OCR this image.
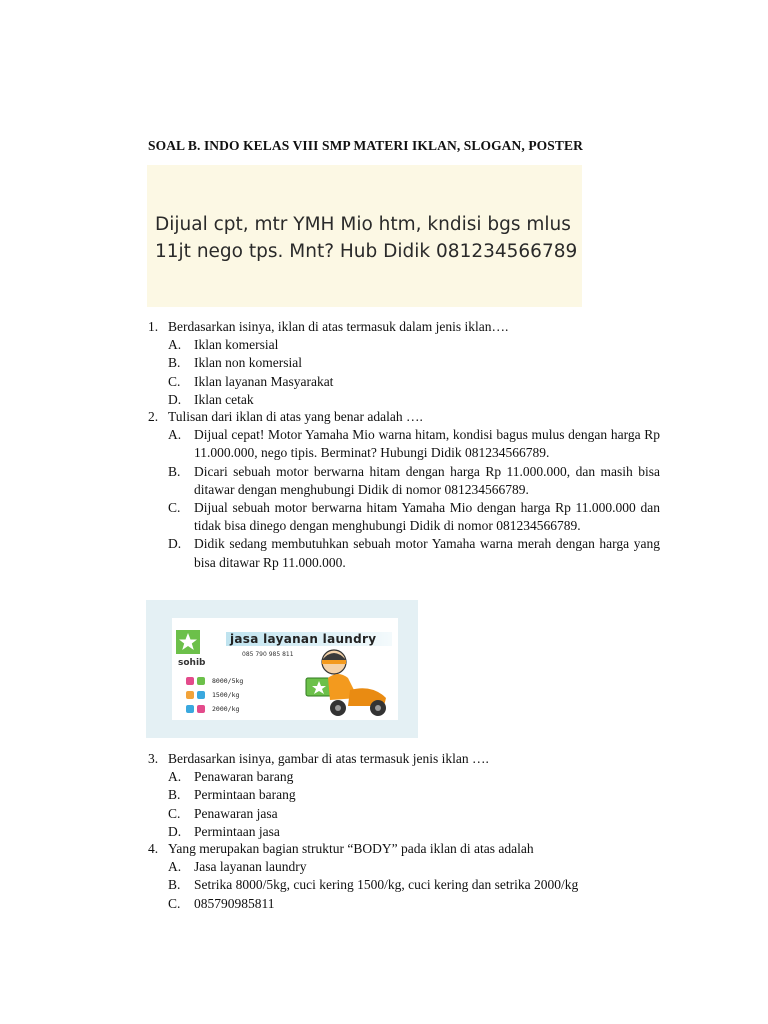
SOAL B. INDO KELAS VIII SMP MATERI IKLAN, SLOGAN, POSTER
Dijual cpt, mtr YMH Mio htm, kndisi bgs mlus
11jt nego tps. Mnt? Hub Didik 081234566789
1. Berdasarkan isinya, iklan di atas termasuk dalam jenis iklan….
A. Iklan komersial
B.	Iklan non komersial
C.	Iklan layanan Masyarakat
D. Iklan cetak
2. Tulisan dari iklan di atas yang benar adalah ….
A. Dijual cepat! Motor Yamaha Mio warna hitam, kondisi bagus mulus dengan harga Rp 11.000.000, nego tipis. Berminat? Hubungi Didik 081234566789.
B.	Dicari sebuah motor berwarna hitam dengan harga Rp 11.000.000, dan masih bisa ditawar dengan menghubungi Didik di nomor 081234566789.
C.	Dijual sebuah motor berwarna hitam Yamaha Mio dengan harga Rp 11.000.000 dan tidak bisa dinego dengan menghubungi Didik di nomor 081234566789.
D. Didik sedang membutuhkan sebuah motor Yamaha warna merah dengan harga yang bisa ditawar Rp 11.000.000.
sohib
jasa layanan laundry
085 790 985 811
8000/5kg
1500/kg
2000/kg
3. Berdasarkan isinya, gambar di atas termasuk jenis iklan ….
A. Penawaran barang
B.	Permintaan barang
C.	Penawaran jasa
D. Permintaan jasa
4. Yang merupakan bagian struktur “BODY” pada iklan di atas adalah
A. Jasa layanan laundry
B.	Setrika 8000/5kg, cuci kering 1500/kg, cuci kering dan setrika 2000/kg
C.	085790985811
